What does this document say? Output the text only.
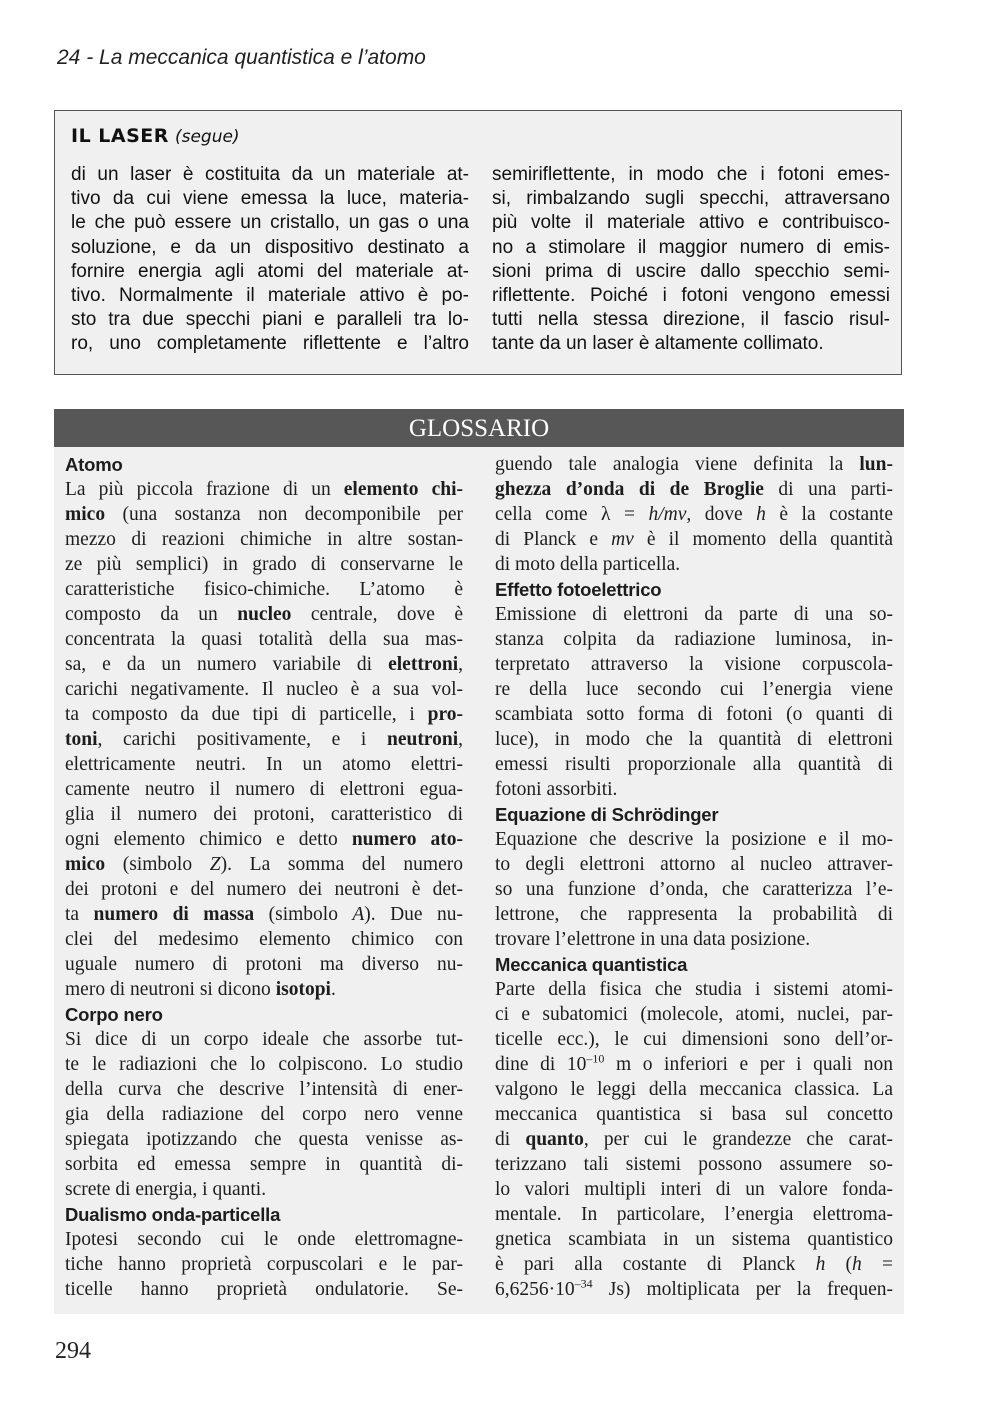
24 - La meccanica quantistica e l’atomo
IL LASER (segue)
di un laser è costituita da un materiale at-
tivo da cui viene emessa la luce, materia-
le che può essere un cristallo, un gas o una
soluzione, e da un dispositivo destinato a
fornire energia agli atomi del materiale at-
tivo. Normalmente il materiale attivo è po-
sto tra due specchi piani e paralleli tra lo-
ro, uno completamente riflettente e l’altro
semiriflettente, in modo che i fotoni emes-
si, rimbalzando sugli specchi, attraversano
più volte il materiale attivo e contribuisco-
no a stimolare il maggior numero di emis-
sioni prima di uscire dallo specchio semi-
riflettente. Poiché i fotoni vengono emessi
tutti nella stessa direzione, il fascio risul-
tante da un laser è altamente collimato.
GLOSSARIO
Atomo
La più piccola frazione di un elemento chi-
mico (una sostanza non decomponibile per
mezzo di reazioni chimiche in altre sostan-
ze più semplici) in grado di conservarne le
caratteristiche fisico-chimiche. L’atomo è
composto da un nucleo centrale, dove è
concentrata la quasi totalità della sua mas-
sa, e da un numero variabile di elettroni,
carichi negativamente. Il nucleo è a sua vol-
ta composto da due tipi di particelle, i pro-
toni, carichi positivamente, e i neutroni,
elettricamente neutri. In un atomo elettri-
camente neutro il numero di elettroni egua-
glia il numero dei protoni, caratteristico di
ogni elemento chimico e detto numero ato-
mico (simbolo Z). La somma del numero
dei protoni e del numero dei neutroni è det-
ta numero di massa (simbolo A). Due nu-
clei del medesimo elemento chimico con
uguale numero di protoni ma diverso nu-
mero di neutroni si dicono isotopi.
Corpo nero
Si dice di un corpo ideale che assorbe tut-
te le radiazioni che lo colpiscono. Lo studio
della curva che descrive l’intensità di ener-
gia della radiazione del corpo nero venne
spiegata ipotizzando che questa venisse as-
sorbita ed emessa sempre in quantità di-
screte di energia, i quanti.
Dualismo onda-particella
Ipotesi secondo cui le onde elettromagne-
tiche hanno proprietà corpuscolari e le par-
ticelle hanno proprietà ondulatorie. Se-
guendo tale analogia viene definita la lun-
ghezza d’onda di de Broglie di una parti-
cella come λ = h/mv, dove h è la costante
di Planck e mv è il momento della quantità
di moto della particella.
Effetto fotoelettrico
Emissione di elettroni da parte di una so-
stanza colpita da radiazione luminosa, in-
terpretato attraverso la visione corpuscola-
re della luce secondo cui l’energia viene
scambiata sotto forma di fotoni (o quanti di
luce), in modo che la quantità di elettroni
emessi risulti proporzionale alla quantità di
fotoni assorbiti.
Equazione di Schrödinger
Equazione che descrive la posizione e il mo-
to degli elettroni attorno al nucleo attraver-
so una funzione d’onda, che caratterizza l’e-
lettrone, che rappresenta la probabilità di
trovare l’elettrone in una data posizione.
Meccanica quantistica
Parte della fisica che studia i sistemi atomi-
ci e subatomici (molecole, atomi, nuclei, par-
ticelle ecc.), le cui dimensioni sono dell’or-
dine di $10^{-10}$ m o inferiori e per i quali non
valgono le leggi della meccanica classica. La
meccanica quantistica si basa sul concetto
di quanto, per cui le grandezze che carat-
terizzano tali sistemi possono assumere so-
lo valori multipli interi di un valore fonda-
mentale. In particolare, l’energia elettroma-
gnetica scambiata in un sistema quantistico
è pari alla costante di Planck h (h =
$6,6256\cdot 10^{-34}$ Js) moltiplicata per la frequen-
294
